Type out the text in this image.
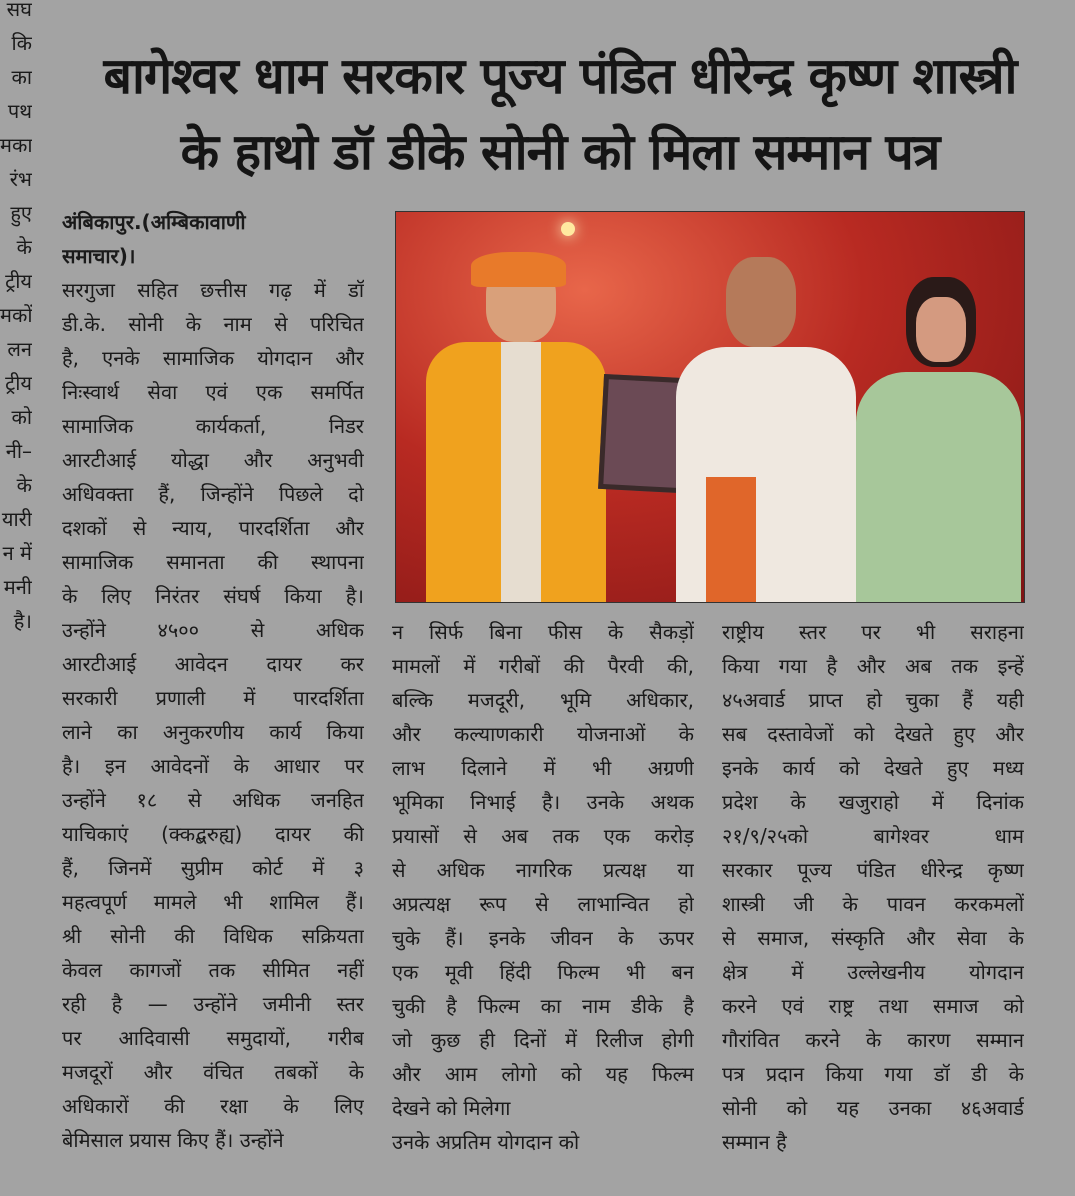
बागेश्वर धाम सरकार पूज्य पंडित धीरेन्द्र कृष्ण शास्त्री
के हाथो डॉ डीके सोनी को मिला सम्मान पत्र
सघ
कि
का
पथ
मका
रंभ
हुए
के
ट्रीय
मकों
लन
ट्रीय
को
नी–
के
यारी
न में
मनी
है।
अंबिकापुर.(अम्बिकावाणी
समाचार)।
सरगुजा सहित छत्तीस गढ़ में डॉ
डी.के. सोनी के नाम से परिचित
है, एनके सामाजिक योगदान और
निःस्वार्थ सेवा एवं एक समर्पित
सामाजिक कार्यकर्ता, निडर
आरटीआई योद्धा और अनुभवी
अधिवक्ता हैं, जिन्होंने पिछले दो
दशकों से न्याय, पारदर्शिता और
सामाजिक समानता की स्थापना
के लिए निरंतर संघर्ष किया है।
उन्होंने ४५०० से अधिक
आरटीआई आवेदन दायर कर
सरकारी प्रणाली में पारदर्शिता
लाने का अनुकरणीय कार्य किया
है। इन आवेदनों के आधार पर
उन्होंने १८ से अधिक जनहित
याचिकाएं (क्कद्बरुह्य) दायर की
हैं, जिनमें सुप्रीम कोर्ट में ३
महत्वपूर्ण मामले भी शामिल हैं।
श्री सोनी की विधिक सक्रियता
केवल कागजों तक सीमित नहीं
रही है — उन्होंने जमीनी स्तर
पर आदिवासी समुदायों, गरीब
मजदूरों और वंचित तबकों के
अधिकारों की रक्षा के लिए
बेमिसाल प्रयास किए हैं। उन्होंने
न सिर्फ बिना फीस के सैकड़ों
मामलों में गरीबों की पैरवी की,
बल्कि मजदूरी, भूमि अधिकार,
और कल्याणकारी योजनाओं के
लाभ दिलाने में भी अग्रणी
भूमिका निभाई है। उनके अथक
प्रयासों से अब तक एक करोड़
से अधिक नागरिक प्रत्यक्ष या
अप्रत्यक्ष रूप से लाभान्वित हो
चुके हैं। इनके जीवन के ऊपर
एक मूवी हिंदी फिल्म भी बन
चुकी है फिल्म का नाम डीके है
जो कुछ ही दिनों में रिलीज होगी
और आम लोगो को यह फिल्म
देखने को मिलेगा
उनके अप्रतिम योगदान को
राष्ट्रीय स्तर पर भी सराहना
किया गया है और अब तक इन्हें
४५अवार्ड प्राप्त हो चुका हैं यही
सब दस्तावेजों को देखते हुए और
इनके कार्य को देखते हुए मध्य
प्रदेश के खजुराहो में दिनांक
२१/९/२५को बागेश्वर धाम
सरकार पूज्य पंडित धीरेन्द्र कृष्ण
शास्त्री जी के पावन करकमलों
से समाज, संस्कृति और सेवा के
क्षेत्र में उल्लेखनीय योगदान
करने एवं राष्ट्र तथा समाज को
गौरांवित करने के कारण सम्मान
पत्र प्रदान किया गया डॉ डी के
सोनी को यह उनका ४६अवार्ड
सम्मान है
